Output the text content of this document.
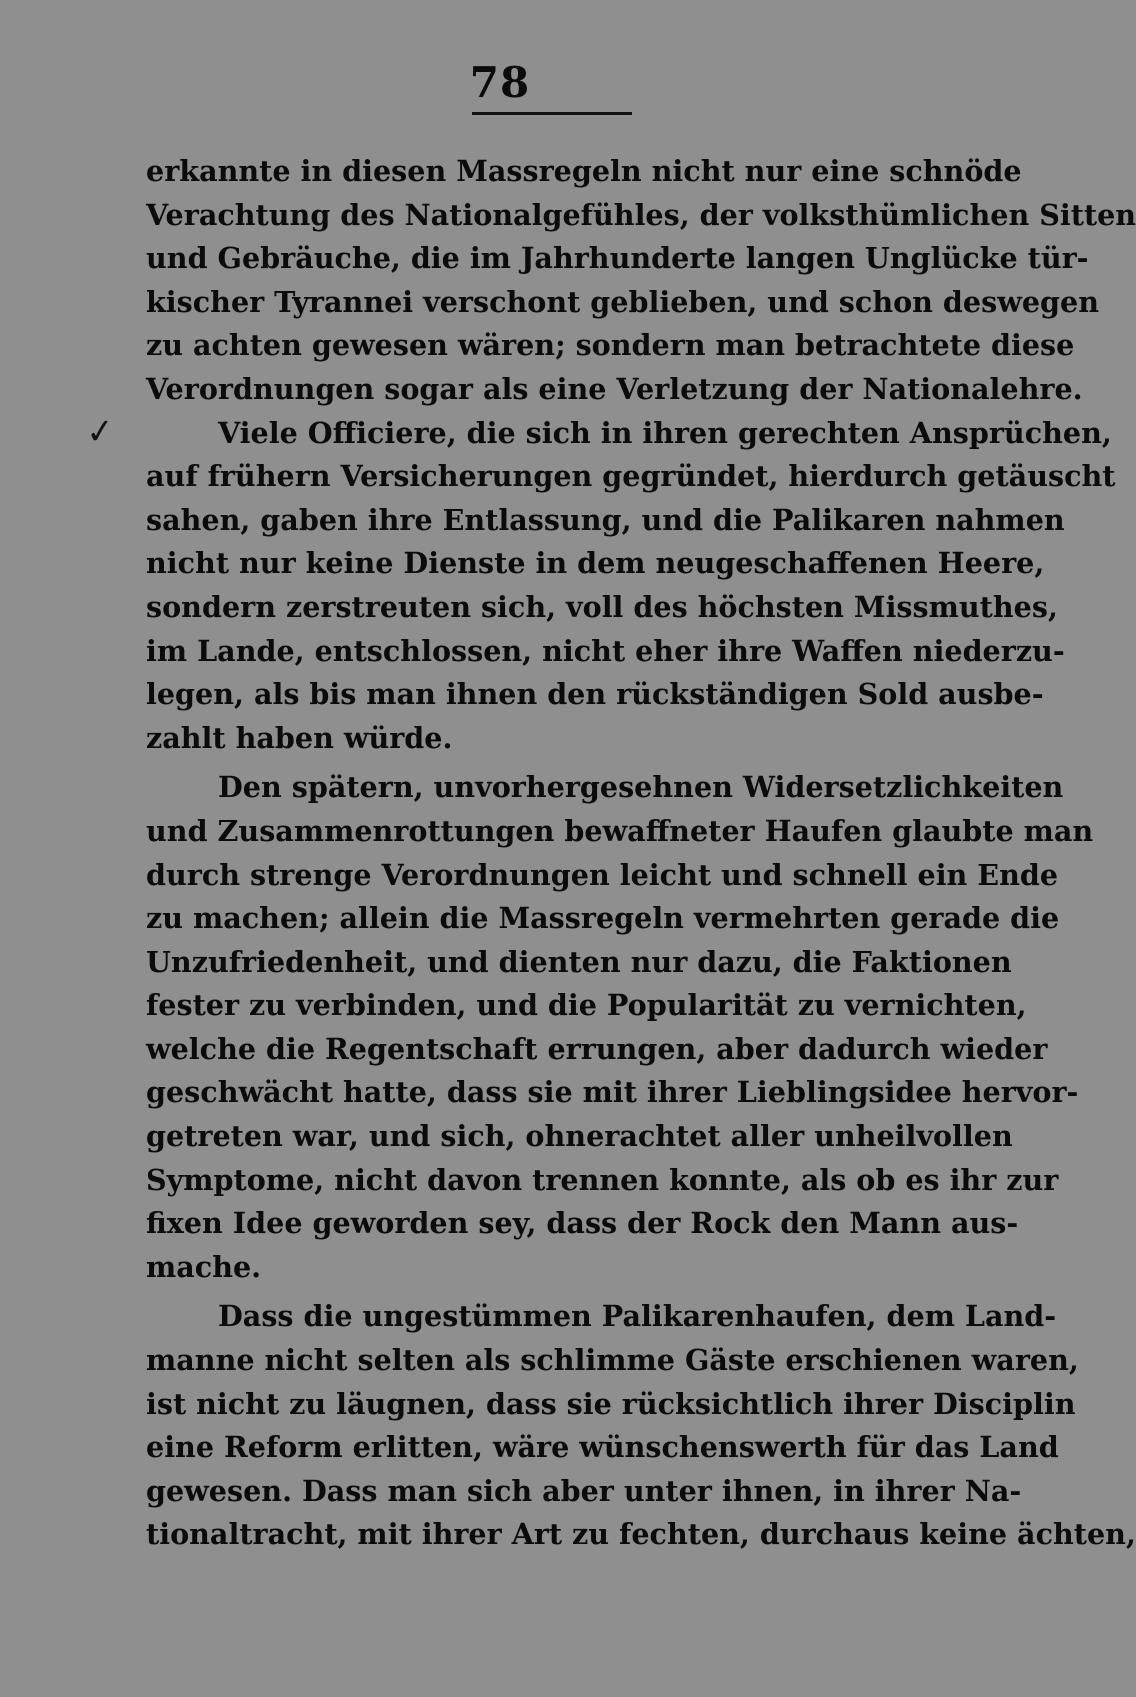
78
✓
erkannte in diesen Massregeln nicht nur eine schnöde
Verachtung des Nationalgefühles, der volksthümlichen Sitten
und Gebräuche, die im Jahrhunderte langen Unglücke tür-
kischer Tyrannei verschont geblieben, und schon deswegen
zu achten gewesen wären; sondern man betrachtete diese
Verordnungen sogar als eine Verletzung der Nationalehre.
Viele Officiere, die sich in ihren gerechten Ansprüchen,
auf frühern Versicherungen gegründet, hierdurch getäuscht
sahen, gaben ihre Entlassung, und die Palikaren nahmen
nicht nur keine Dienste in dem neugeschaffenen Heere,
sondern zerstreuten sich, voll des höchsten Missmuthes,
im Lande, entschlossen, nicht eher ihre Waffen niederzu-
legen, als bis man ihnen den rückständigen Sold ausbe-
zahlt haben würde.
Den spätern, unvorhergesehnen Widersetzlichkeiten
und Zusammenrottungen bewaffneter Haufen glaubte man
durch strenge Verordnungen leicht und schnell ein Ende
zu machen; allein die Massregeln vermehrten gerade die
Unzufriedenheit, und dienten nur dazu, die Faktionen
fester zu verbinden, und die Popularität zu vernichten,
welche die Regentschaft errungen, aber dadurch wieder
geschwächt hatte, dass sie mit ihrer Lieblingsidee hervor-
getreten war, und sich, ohnerachtet aller unheilvollen
Symptome, nicht davon trennen konnte, als ob es ihr zur
fixen Idee geworden sey, dass der Rock den Mann aus-
mache.
Dass die ungestümmen Palikarenhaufen, dem Land-
manne nicht selten als schlimme Gäste erschienen waren,
ist nicht zu läugnen, dass sie rücksichtlich ihrer Disciplin
eine Reform erlitten, wäre wünschenswerth für das Land
gewesen. Dass man sich aber unter ihnen, in ihrer Na-
tionaltracht, mit ihrer Art zu fechten, durchaus keine ächten,
